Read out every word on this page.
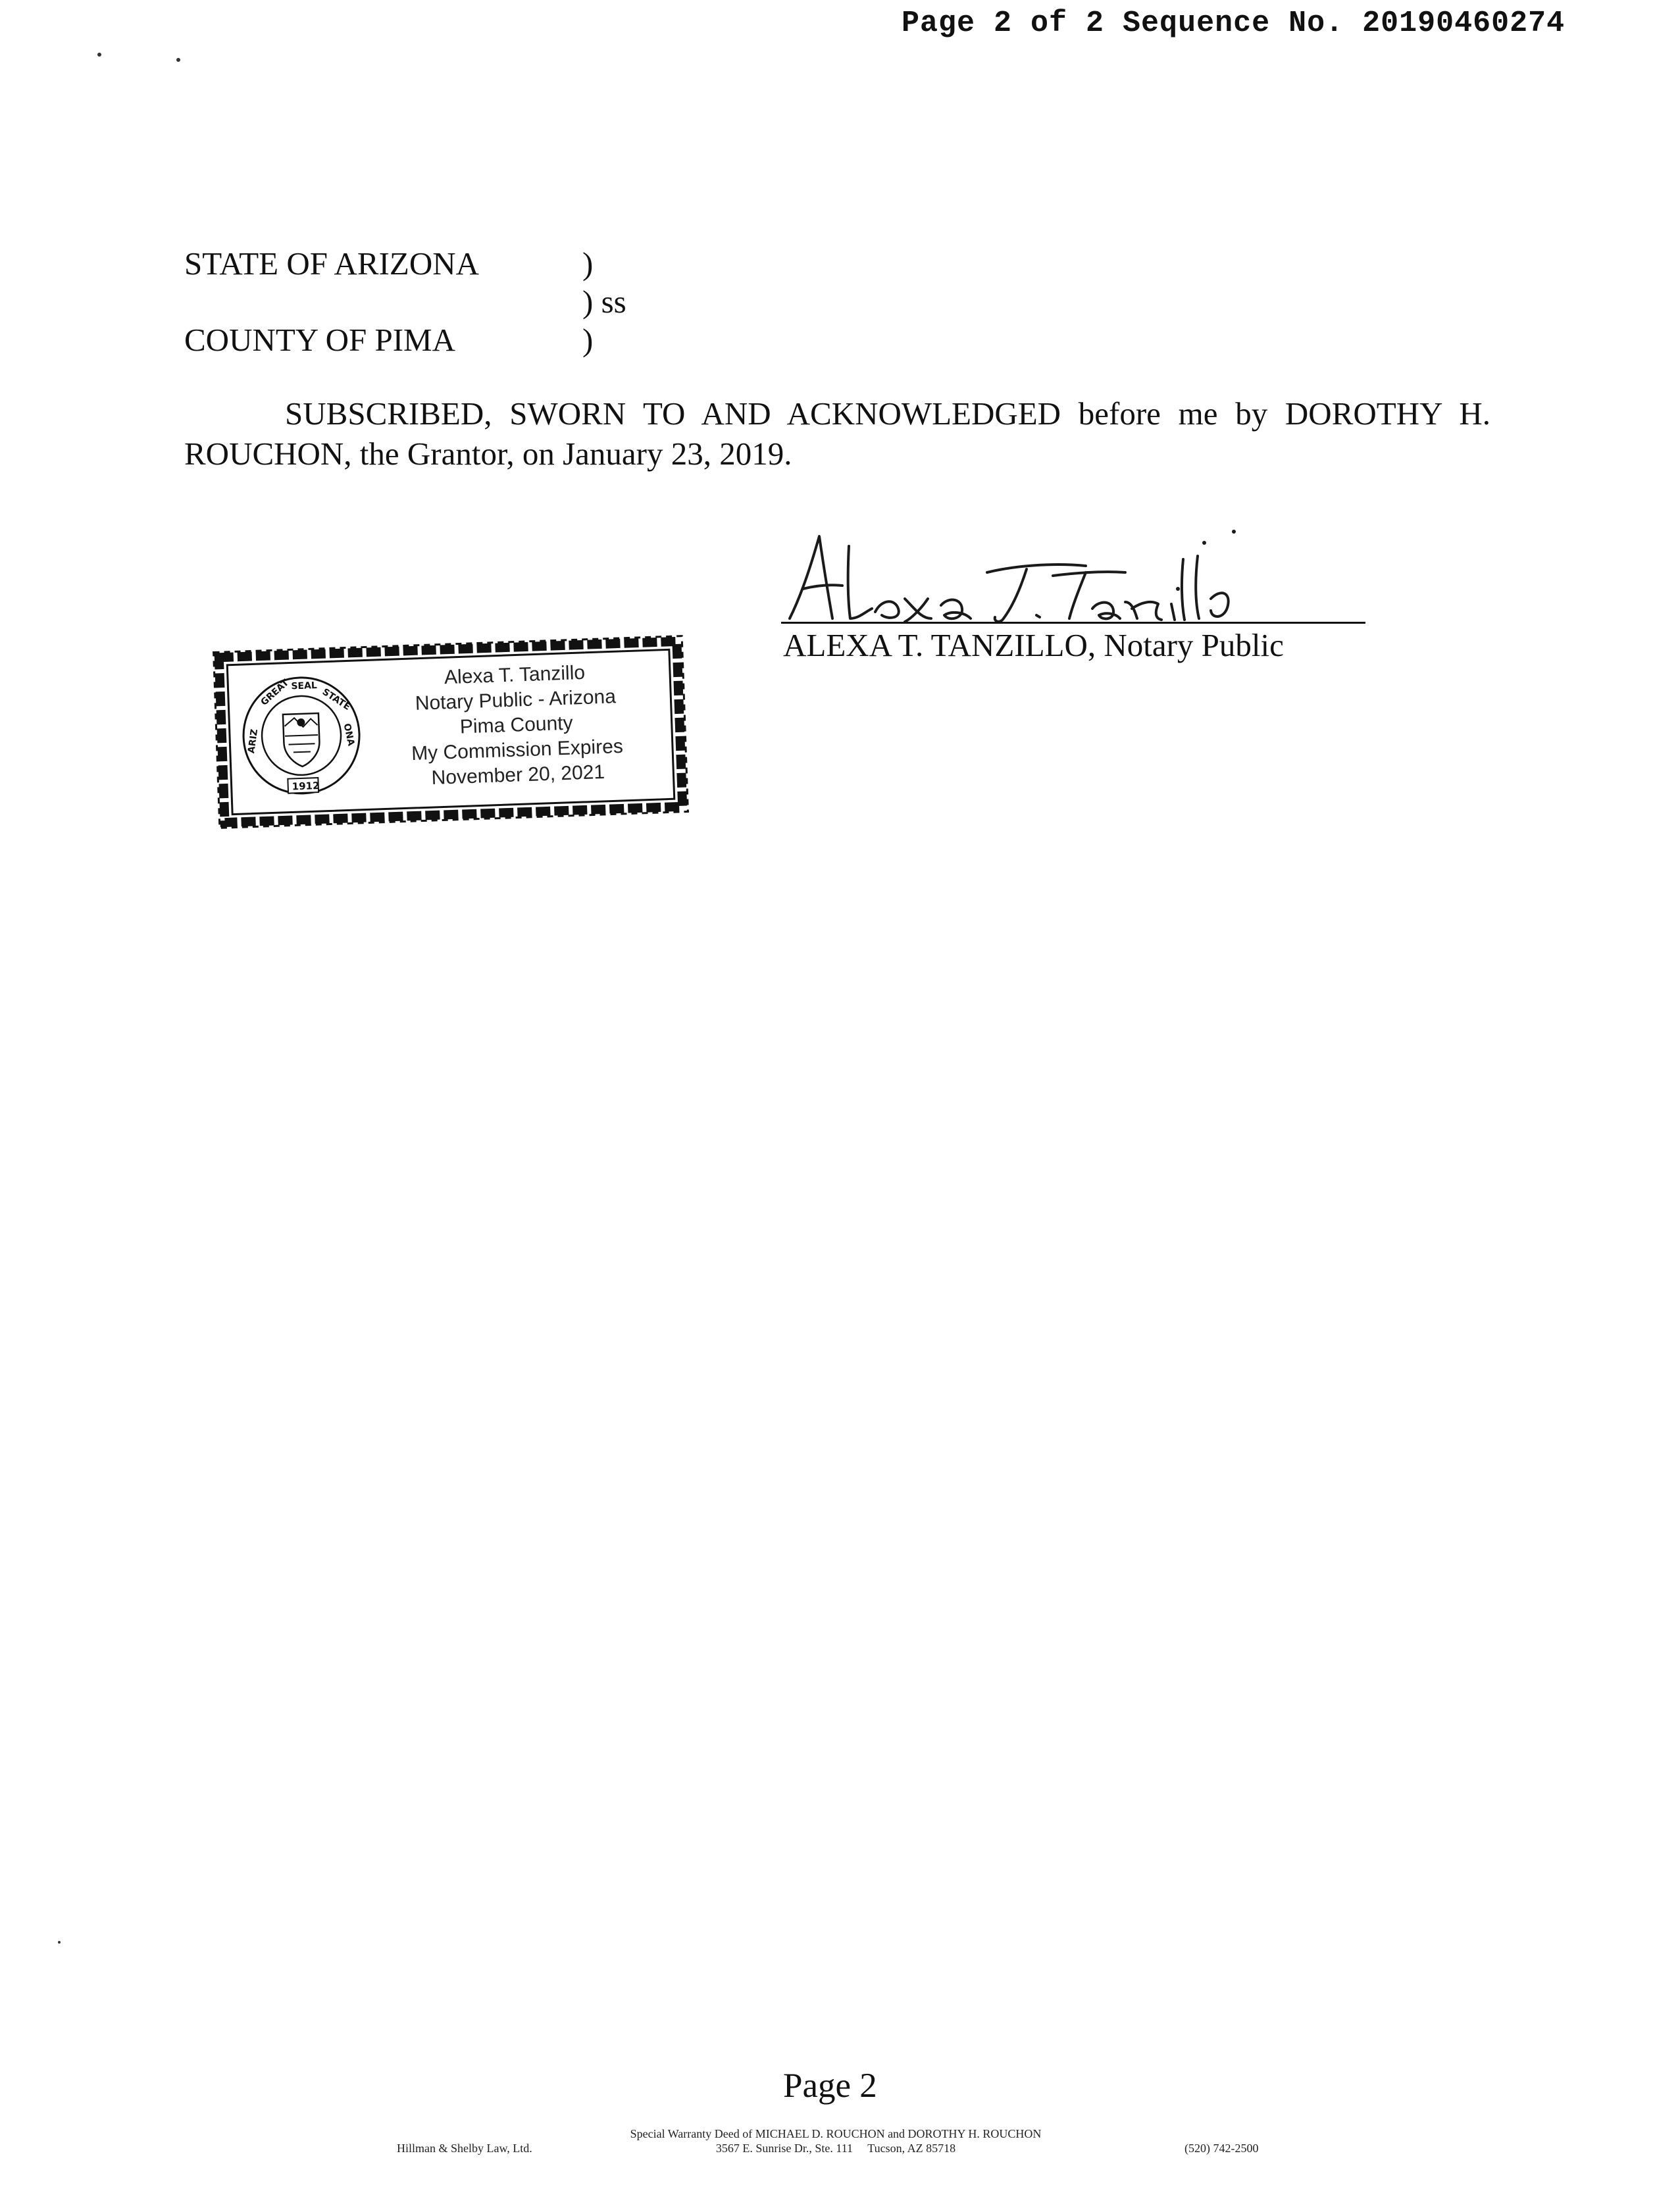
Page 2 of 2 Sequence No. 20190460274
STATE OF ARIZONA	)
) ss
COUNTY OF PIMA	)
SUBSCRIBED, SWORN TO AND ACKNOWLEDGED before me by DOROTHY H. ROUCHON, the Grantor, on January 23, 2019.
ALEXA T. TANZILLO, Notary Public
GREAT SEAL
STATE
ARIZ	ONA
1912
Alexa T. Tanzillo
Notary Public - Arizona
Pima County
My Commission Expires
November 20, 2021
Page 2
Special Warranty Deed of MICHAEL D. ROUCHON and DOROTHY H. ROUCHON
3567 E. Sunrise Dr., Ste. 111     Tucson, AZ 85718
Hillman & Shelby Law, Ltd.	(520) 742-2500
